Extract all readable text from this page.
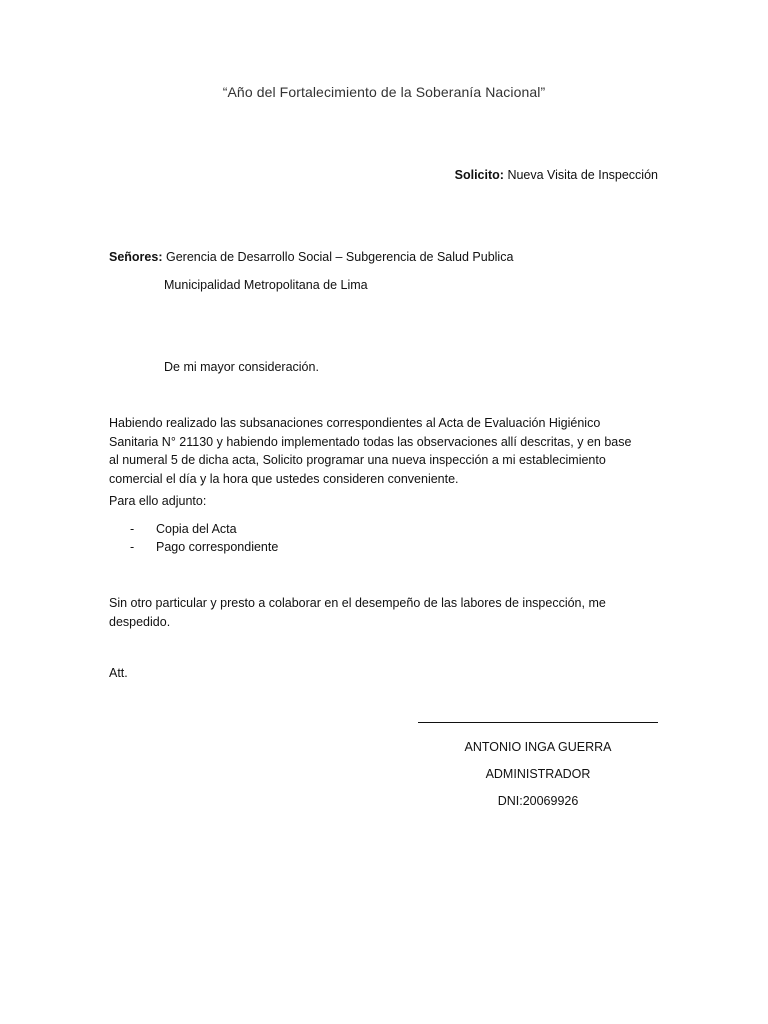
“Año del Fortalecimiento de la Soberanía Nacional”
Solicito: Nueva Visita de Inspección
Señores: Gerencia de Desarrollo Social – Subgerencia de Salud Publica
Municipalidad Metropolitana de Lima
De mi mayor consideración.
Habiendo realizado las subsanaciones correspondientes al Acta de Evaluación Higiénico
Sanitaria N° 21130 y habiendo implementado todas las observaciones allí descritas, y en base
al numeral 5 de dicha acta, Solicito programar una nueva inspección a mi establecimiento
comercial el día y la hora que ustedes consideren conveniente.
Para ello adjunto:
- Copia del Acta
- Pago correspondiente
Sin otro particular y presto a colaborar en el desempeño de las labores de inspección, me
despedido.
Att.
ANTONIO INGA GUERRA
ADMINISTRADOR
DNI:20069926
